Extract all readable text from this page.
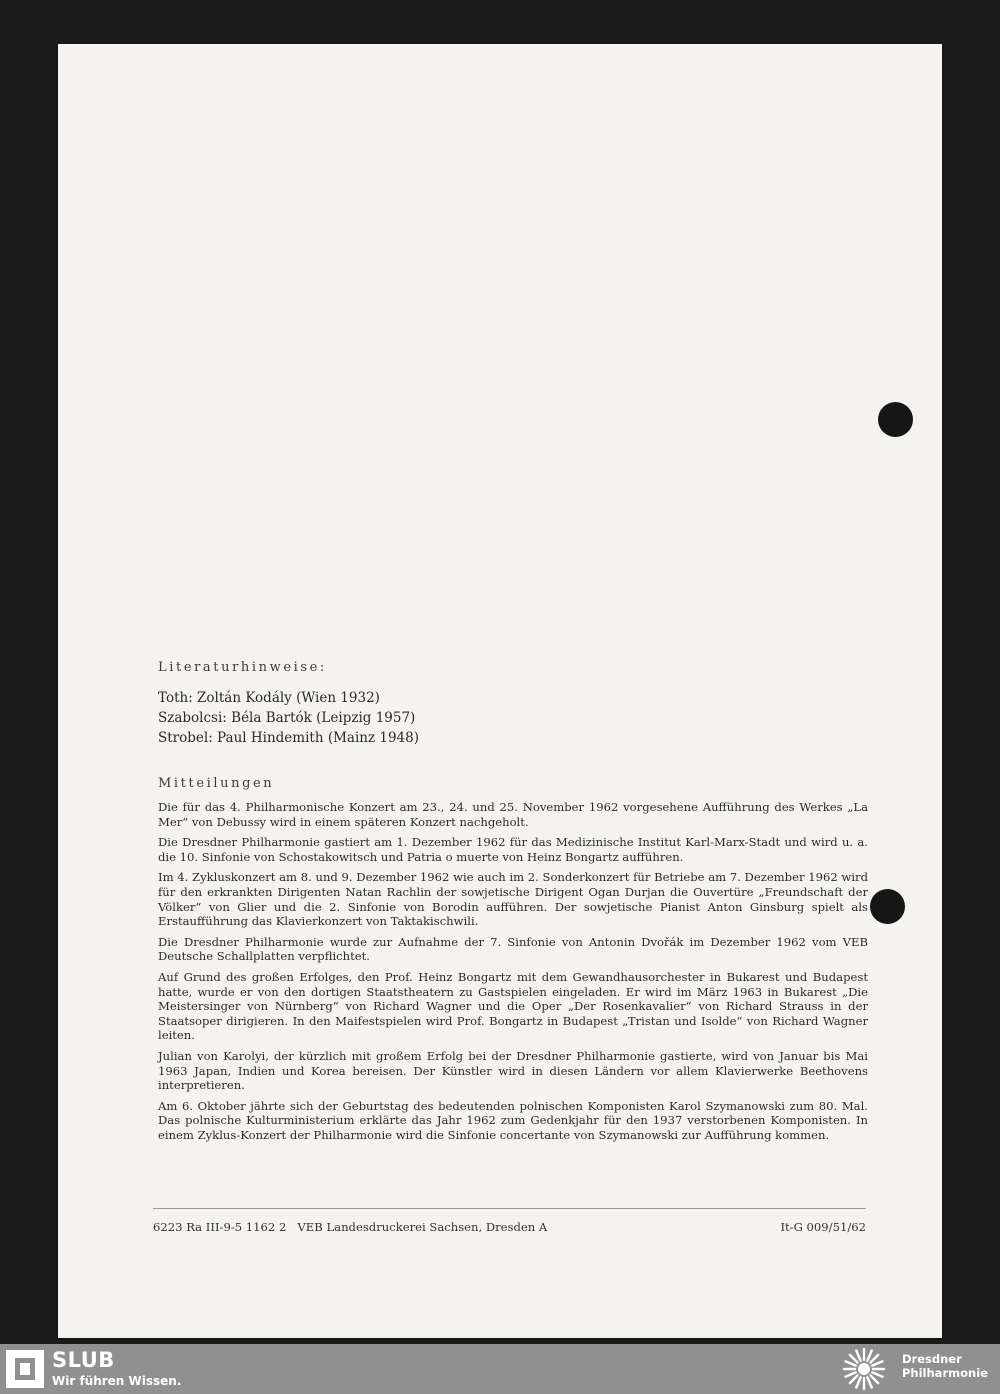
Literaturhinweise:
Toth: Zoltán Kodály (Wien 1932)
Szabolcsi: Béla Bartók (Leipzig 1957)
Strobel: Paul Hindemith (Mainz 1948)
Mitteilungen

Die für das 4. Philharmonische Konzert am 23., 24. und 25. November 1962 vorgesehene Aufführung des Werkes „La Mer“ von Debussy wird in einem späteren Konzert nachgeholt.

Die Dresdner Philharmonie gastiert am 1. Dezember 1962 für das Medizinische Institut Karl-Marx-Stadt und wird u. a. die 10. Sinfonie von Schostakowitsch und Patria o muerte von Heinz Bongartz aufführen.

Im 4. Zykluskonzert am 8. und 9. Dezember 1962 wie auch im 2. Sonderkonzert für Betriebe am 7. Dezember 1962 wird für den erkrankten Dirigenten Natan Rachlin der sowjetische Dirigent Ogan Durjan die Ouvertüre „Freundschaft der Völker“ von Glier und die 2. Sinfonie von Borodin aufführen. Der sowjetische Pianist Anton Ginsburg spielt als Erstaufführung das Klavierkonzert von Taktakischwili.

Die Dresdner Philharmonie wurde zur Aufnahme der 7. Sinfonie von Antonin Dvořák im Dezember 1962 vom VEB Deutsche Schallplatten verpflichtet.

Auf Grund des großen Erfolges, den Prof. Heinz Bongartz mit dem Gewandhausorchester in Bukarest und Budapest hatte, wurde er von den dortigen Staatstheatern zu Gastspielen eingeladen. Er wird im März 1963 in Bukarest „Die Meistersinger von Nürnberg“ von Richard Wagner und die Oper „Der Rosenkavalier“ von Richard Strauss in der Staatsoper dirigieren. In den Maifestspielen wird Prof. Bongartz in Budapest „Tristan und Isolde“ von Richard Wagner leiten.

Julian von Karolyi, der kürzlich mit großem Erfolg bei der Dresdner Philharmonie gastierte, wird von Januar bis Mai 1963 Japan, Indien und Korea bereisen. Der Künstler wird in diesen Ländern vor allem Klavierwerke Beethovens interpretieren.

Am 6. Oktober jährte sich der Geburtstag des bedeutenden polnischen Komponisten Karol Szymanowski zum 80. Mal. Das polnische Kulturministerium erklärte das Jahr 1962 zum Gedenkjahr für den 1937 verstorbenen Komponisten. In einem Zyklus-Konzert der Philharmonie wird die Sinfonie concertante von Szymanowski zur Aufführung kommen.

6223 Ra III-9-5 1162 2   VEB Landesdruckerei Sachsen, Dresden A	It-G 009/51/62
SLUB
Wir führen Wissen.
Dresdner
Philharmonie
